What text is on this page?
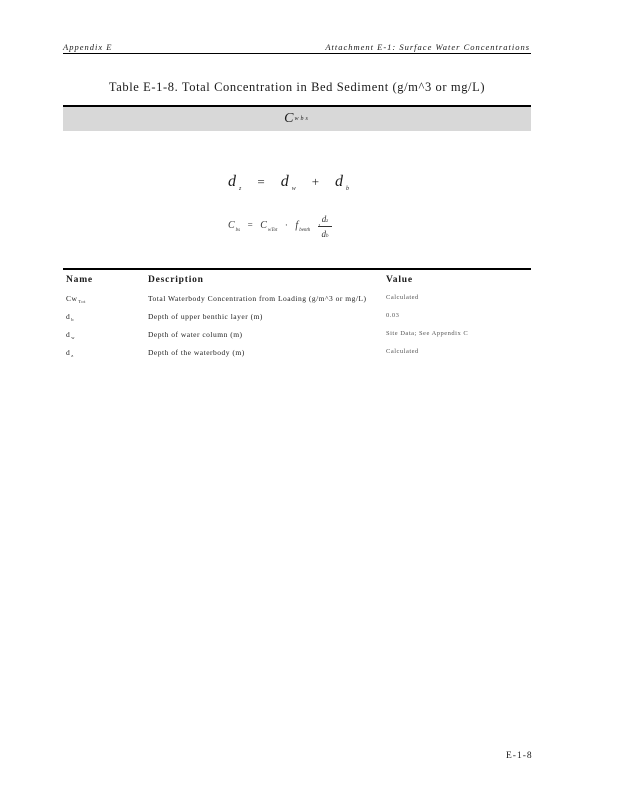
Appendix E	Attachment E-1: Surface Water Concentrations
Table E-1-8. Total Concentration in Bed Sediment (g/m^3 or mg/L)
C wbs
d $_z$ = d $_w$ + d $_b$
$C_{bs} = C_{wTot} \cdot f_{benth}$ ·
$\frac{dz}{db}$
Name	Description	Value
$Cw_{Tot}$	Total Waterbody Concentration from Loading (g/m^3 or mg/L)	Calculated
$d_b$	Depth of upper benthic layer (m)	0.03
$d_w$	Depth of water column (m)	Site Data; See Appendix C
$d_z$	Depth of the waterbody (m)	Calculated
E-1-8
